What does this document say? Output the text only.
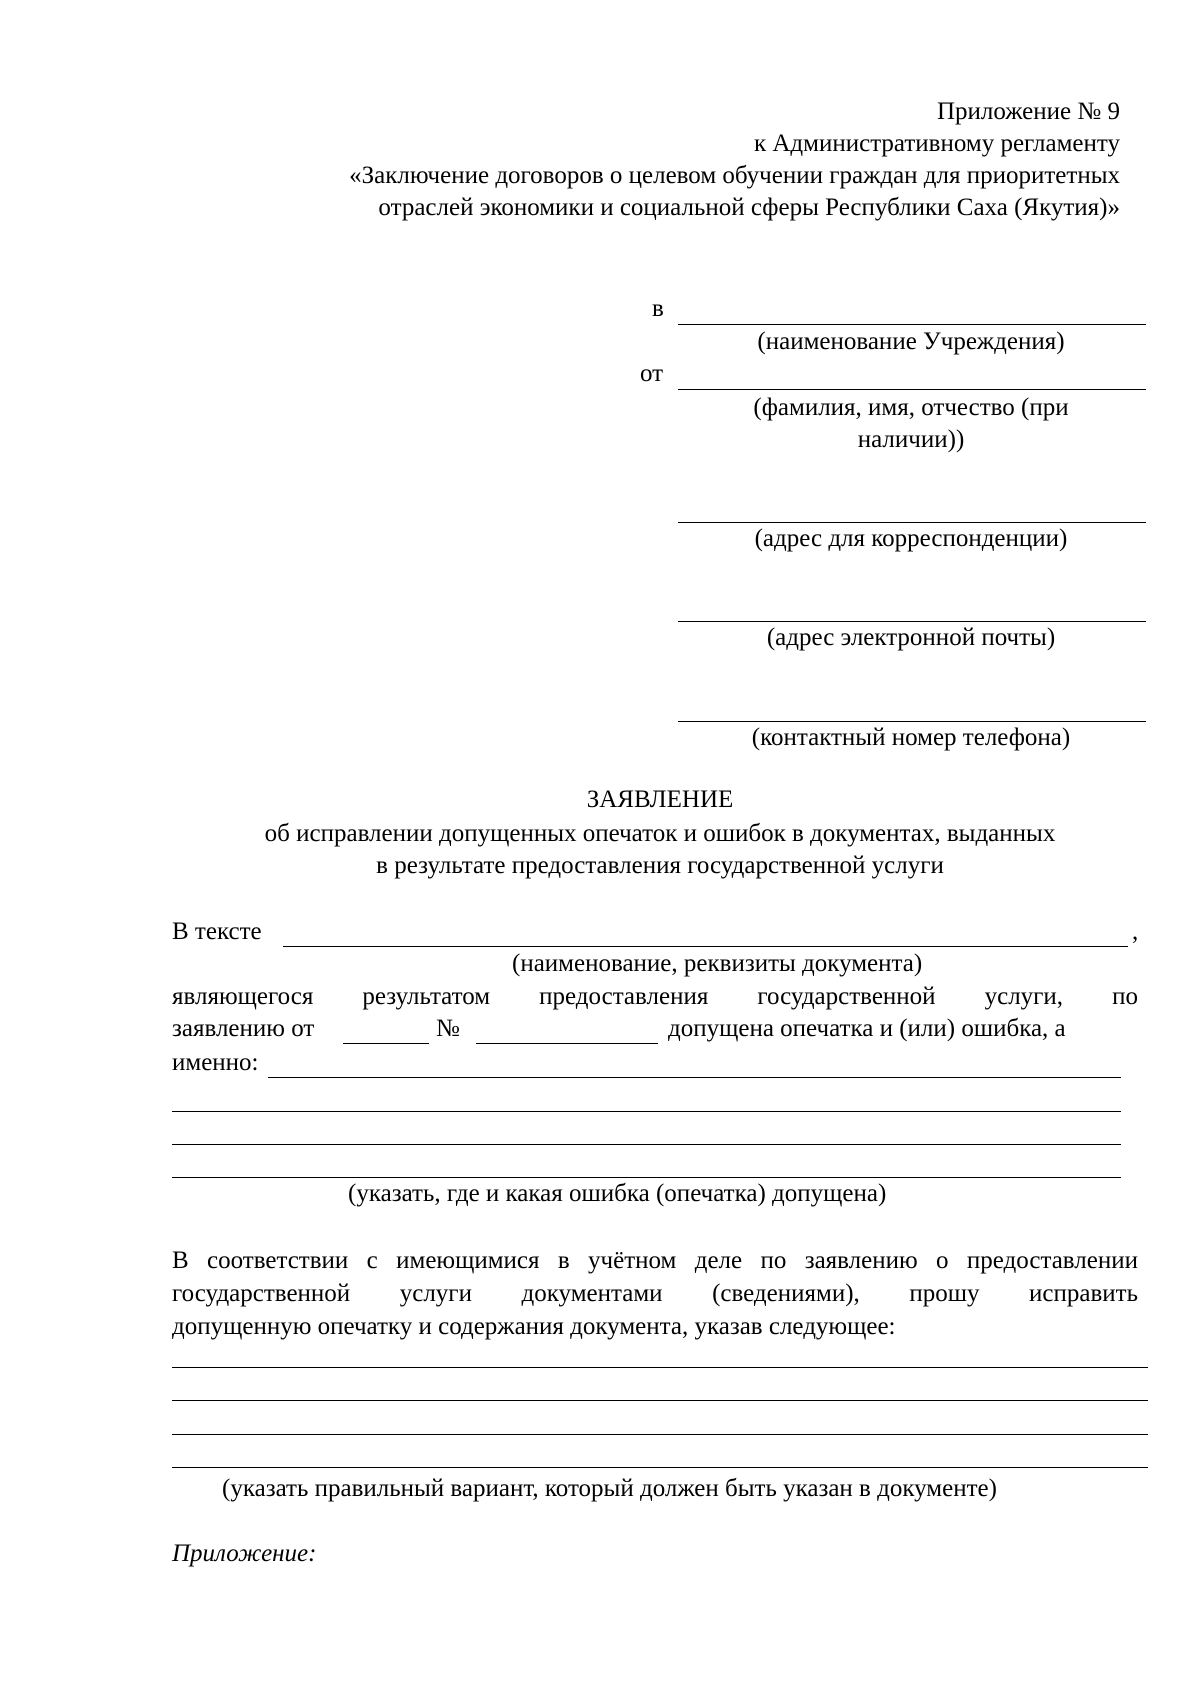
Приложение № 9
к Административному регламенту
«Заключение договоров о целевом обучении граждан для приоритетных
отраслей экономики и социальной сферы Республики Саха (Якутия)»
в
(наименование Учреждения)
от
(фамилия, имя, отчество (при
наличии))
(адрес для корреспонденции)
(адрес электронной почты)
(контактный номер телефона)
ЗАЯВЛЕНИЕ
об исправлении допущенных опечаток и ошибок в документах, выданных
в результате предоставления государственной услуги
В тексте	,
(наименование, реквизиты документа)
являющегося результатом предоставления государственной услуги, по
заявлению от	№	допущена опечатка и (или) ошибка, а
именно:
(указать, где и какая ошибка (опечатка) допущена)
В соответствии с имеющимися в учётном деле по заявлению о предоставлении
государственной услуги документами (сведениями), прошу исправить
допущенную опечатку и содержания документа, указав следующее:
(указать правильный вариант, который должен быть указан в документе)
Приложение:
